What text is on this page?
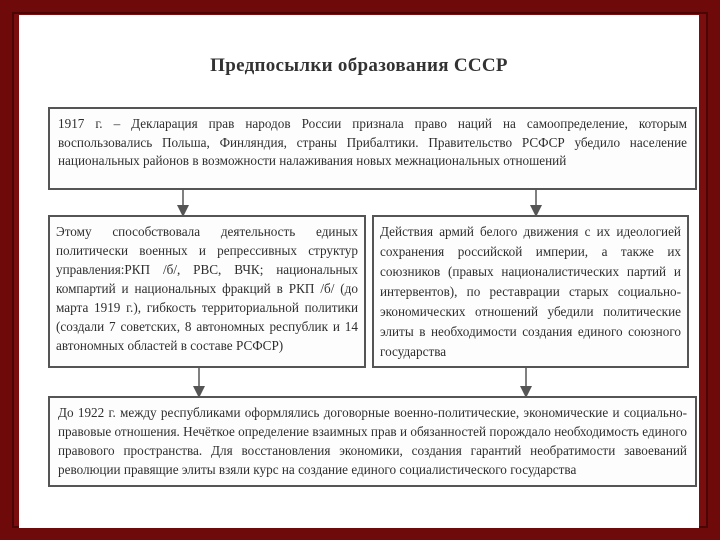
Предпосылки образования СССР
1917 г. – Декларация прав народов России признала право наций на самоопределение, которым воспользовались Польша, Финляндия, страны Прибалтики. Правительство РСФСР убедило население национальных районов в возможности налаживания новых межнациональных отношений
Этому способствовала деятельность единых политически военных и репрессивных структур управления:РКП /б/, РВС, ВЧК; национальных компартий и национальных фракций в РКП /б/ (до марта 1919 г.), гибкость территориальной политики (создали 7 советских, 8 автономных республик и 14 автономных областей в составе РСФСР)
Действия армий белого движения с их идеологией сохранения российской империи, а также их союзников (правых националистических партий и интервентов), по реставрации старых социально-экономических отношений убедили политические элиты в необходимости создания единого союзного государства
До 1922 г. между республиками оформлялись договорные военно-политические, экономические и социально-правовые отношения. Нечёткое определение взаимных прав и обязанностей порождало необходимость единого правового пространства. Для восстановления экономики, создания гарантий необратимости завоеваний революции правящие элиты взяли курс на создание единого социалистического государства
